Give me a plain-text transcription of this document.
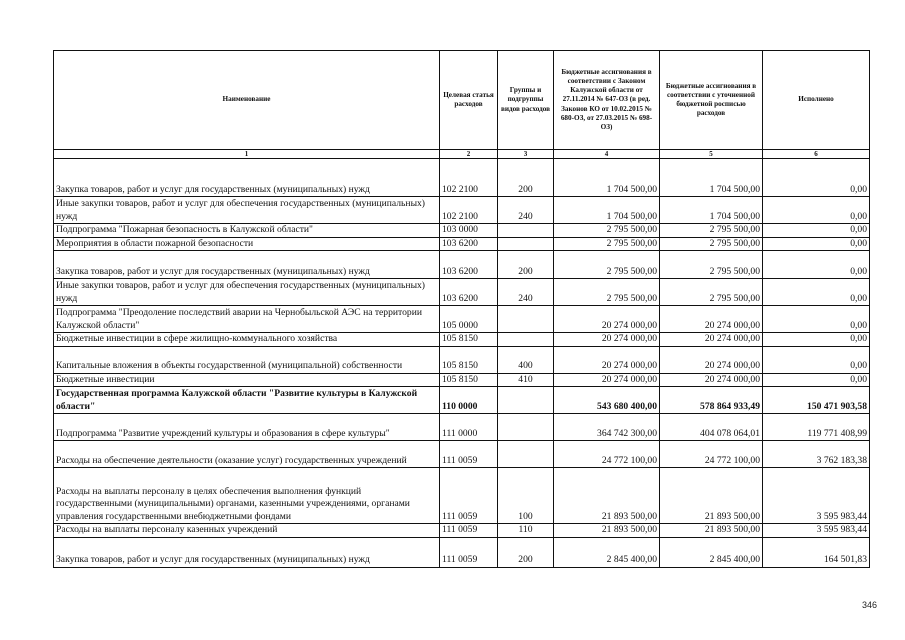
Наименование	Целевая статья расходов	Группы и подгруппы видов расходов	Бюджетные ассигнования в соответствии с Законом Калужской области от 27.11.2014 № 647-ОЗ (в ред. Законов КО от 10.02.2015 № 680-ОЗ, от 27.03.2015 № 698-ОЗ)	Бюджетные ассигнования в соответствии с уточненной бюджетной росписью расходов	Исполнено
1	2	3	4	5	6
Закупка товаров, работ и услуг для государственных (муниципальных) нужд	102 2100	200	1 704 500,00	1 704 500,00	0,00
Иные закупки товаров, работ и услуг для обеспечения государственных (муниципальных) нужд	102 2100	240	1 704 500,00	1 704 500,00	0,00
Подпрограмма "Пожарная безопасность в Калужской области"	103 0000		2 795 500,00	2 795 500,00	0,00
Мероприятия в области пожарной безопасности	103 6200		2 795 500,00	2 795 500,00	0,00
Закупка товаров, работ и услуг для государственных (муниципальных) нужд	103 6200	200	2 795 500,00	2 795 500,00	0,00
Иные закупки товаров, работ и услуг для обеспечения государственных (муниципальных) нужд	103 6200	240	2 795 500,00	2 795 500,00	0,00
Подпрограмма "Преодоление последствий аварии на Чернобыльской АЭС на территории Калужской области"	105 0000		20 274 000,00	20 274 000,00	0,00
Бюджетные инвестиции в сфере жилищно-коммунального хозяйства	105 8150		20 274 000,00	20 274 000,00	0,00
Капитальные вложения в объекты государственной (муниципальной) собственности	105 8150	400	20 274 000,00	20 274 000,00	0,00
Бюджетные инвестиции	105 8150	410	20 274 000,00	20 274 000,00	0,00
Государственная программа Калужской области "Развитие культуры в Калужской области"	110 0000		543 680 400,00	578 864 933,49	150 471 903,58
Подпрограмма "Развитие учреждений культуры и образования в сфере культуры"	111 0000		364 742 300,00	404 078 064,01	119 771 408,99
Расходы на обеспечение деятельности (оказание услуг) государственных учреждений	111 0059		24 772 100,00	24 772 100,00	3 762 183,38
Расходы на выплаты персоналу в целях обеспечения выполнения функций государственными (муниципальными) органами, казенными учреждениями, органами управления государственными внебюджетными фондами	111 0059	100	21 893 500,00	21 893 500,00	3 595 983,44
Расходы на выплаты персоналу казенных учреждений	111 0059	110	21 893 500,00	21 893 500,00	3 595 983,44
Закупка товаров, работ и услуг для государственных (муниципальных) нужд	111 0059	200	2 845 400,00	2 845 400,00	164 501,83
346
